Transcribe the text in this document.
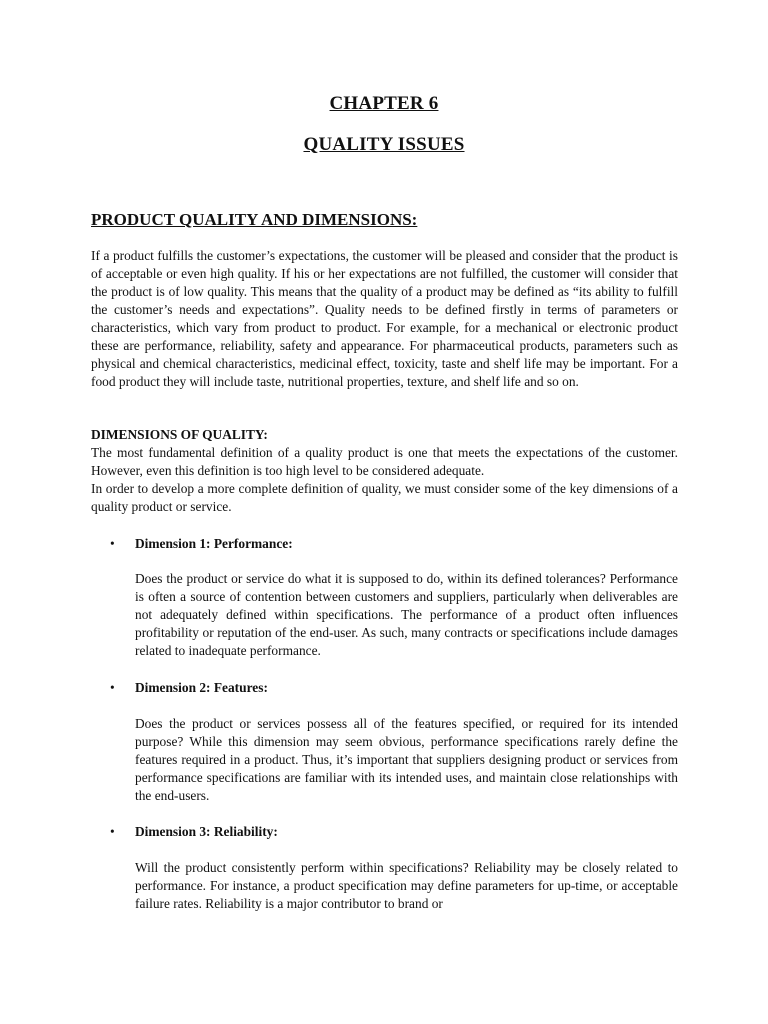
CHAPTER 6
QUALITY ISSUES
PRODUCT QUALITY AND DIMENSIONS:

If a product fulfills the customer’s expectations, the customer will be pleased and consider that the product is of acceptable or even high quality. If his or her expectations are not fulfilled, the customer will consider that the product is of low quality. This means that the quality of a product may be defined as “its ability to fulfill the customer’s needs and expectations”. Quality needs to be defined firstly in terms of parameters or characteristics, which vary from product to product. For example, for a mechanical or electronic product these are performance, reliability, safety and appearance. For pharmaceutical products, parameters such as physical and chemical characteristics, medicinal effect, toxicity, taste and shelf life may be important. For a food product they will include taste, nutritional properties, texture, and shelf life and so on.

DIMENSIONS OF QUALITY:

The most fundamental definition of a quality product is one that meets the expectations of the customer. However, even this definition is too high level to be considered adequate.

In order to develop a more complete definition of quality, we must consider some of the key dimensions of a quality product or service.

• Dimension 1: Performance:

Does the product or service do what it is supposed to do, within its defined tolerances? Performance is often a source of contention between customers and suppliers, particularly when deliverables are not adequately defined within specifications. The performance of a product often influences profitability or reputation of the end-user. As such, many contracts or specifications include damages related to inadequate performance.

• Dimension 2: Features:

Does the product or services possess all of the features specified, or required for its intended purpose? While this dimension may seem obvious, performance specifications rarely define the features required in a product. Thus, it’s important that suppliers designing product or services from performance specifications are familiar with its intended uses, and maintain close relationships with the end-users.

• Dimension 3: Reliability:

Will the product consistently perform within specifications? Reliability may be closely related to performance. For instance, a product specification may define parameters for up-time, or acceptable failure rates. Reliability is a major contributor to brand or
